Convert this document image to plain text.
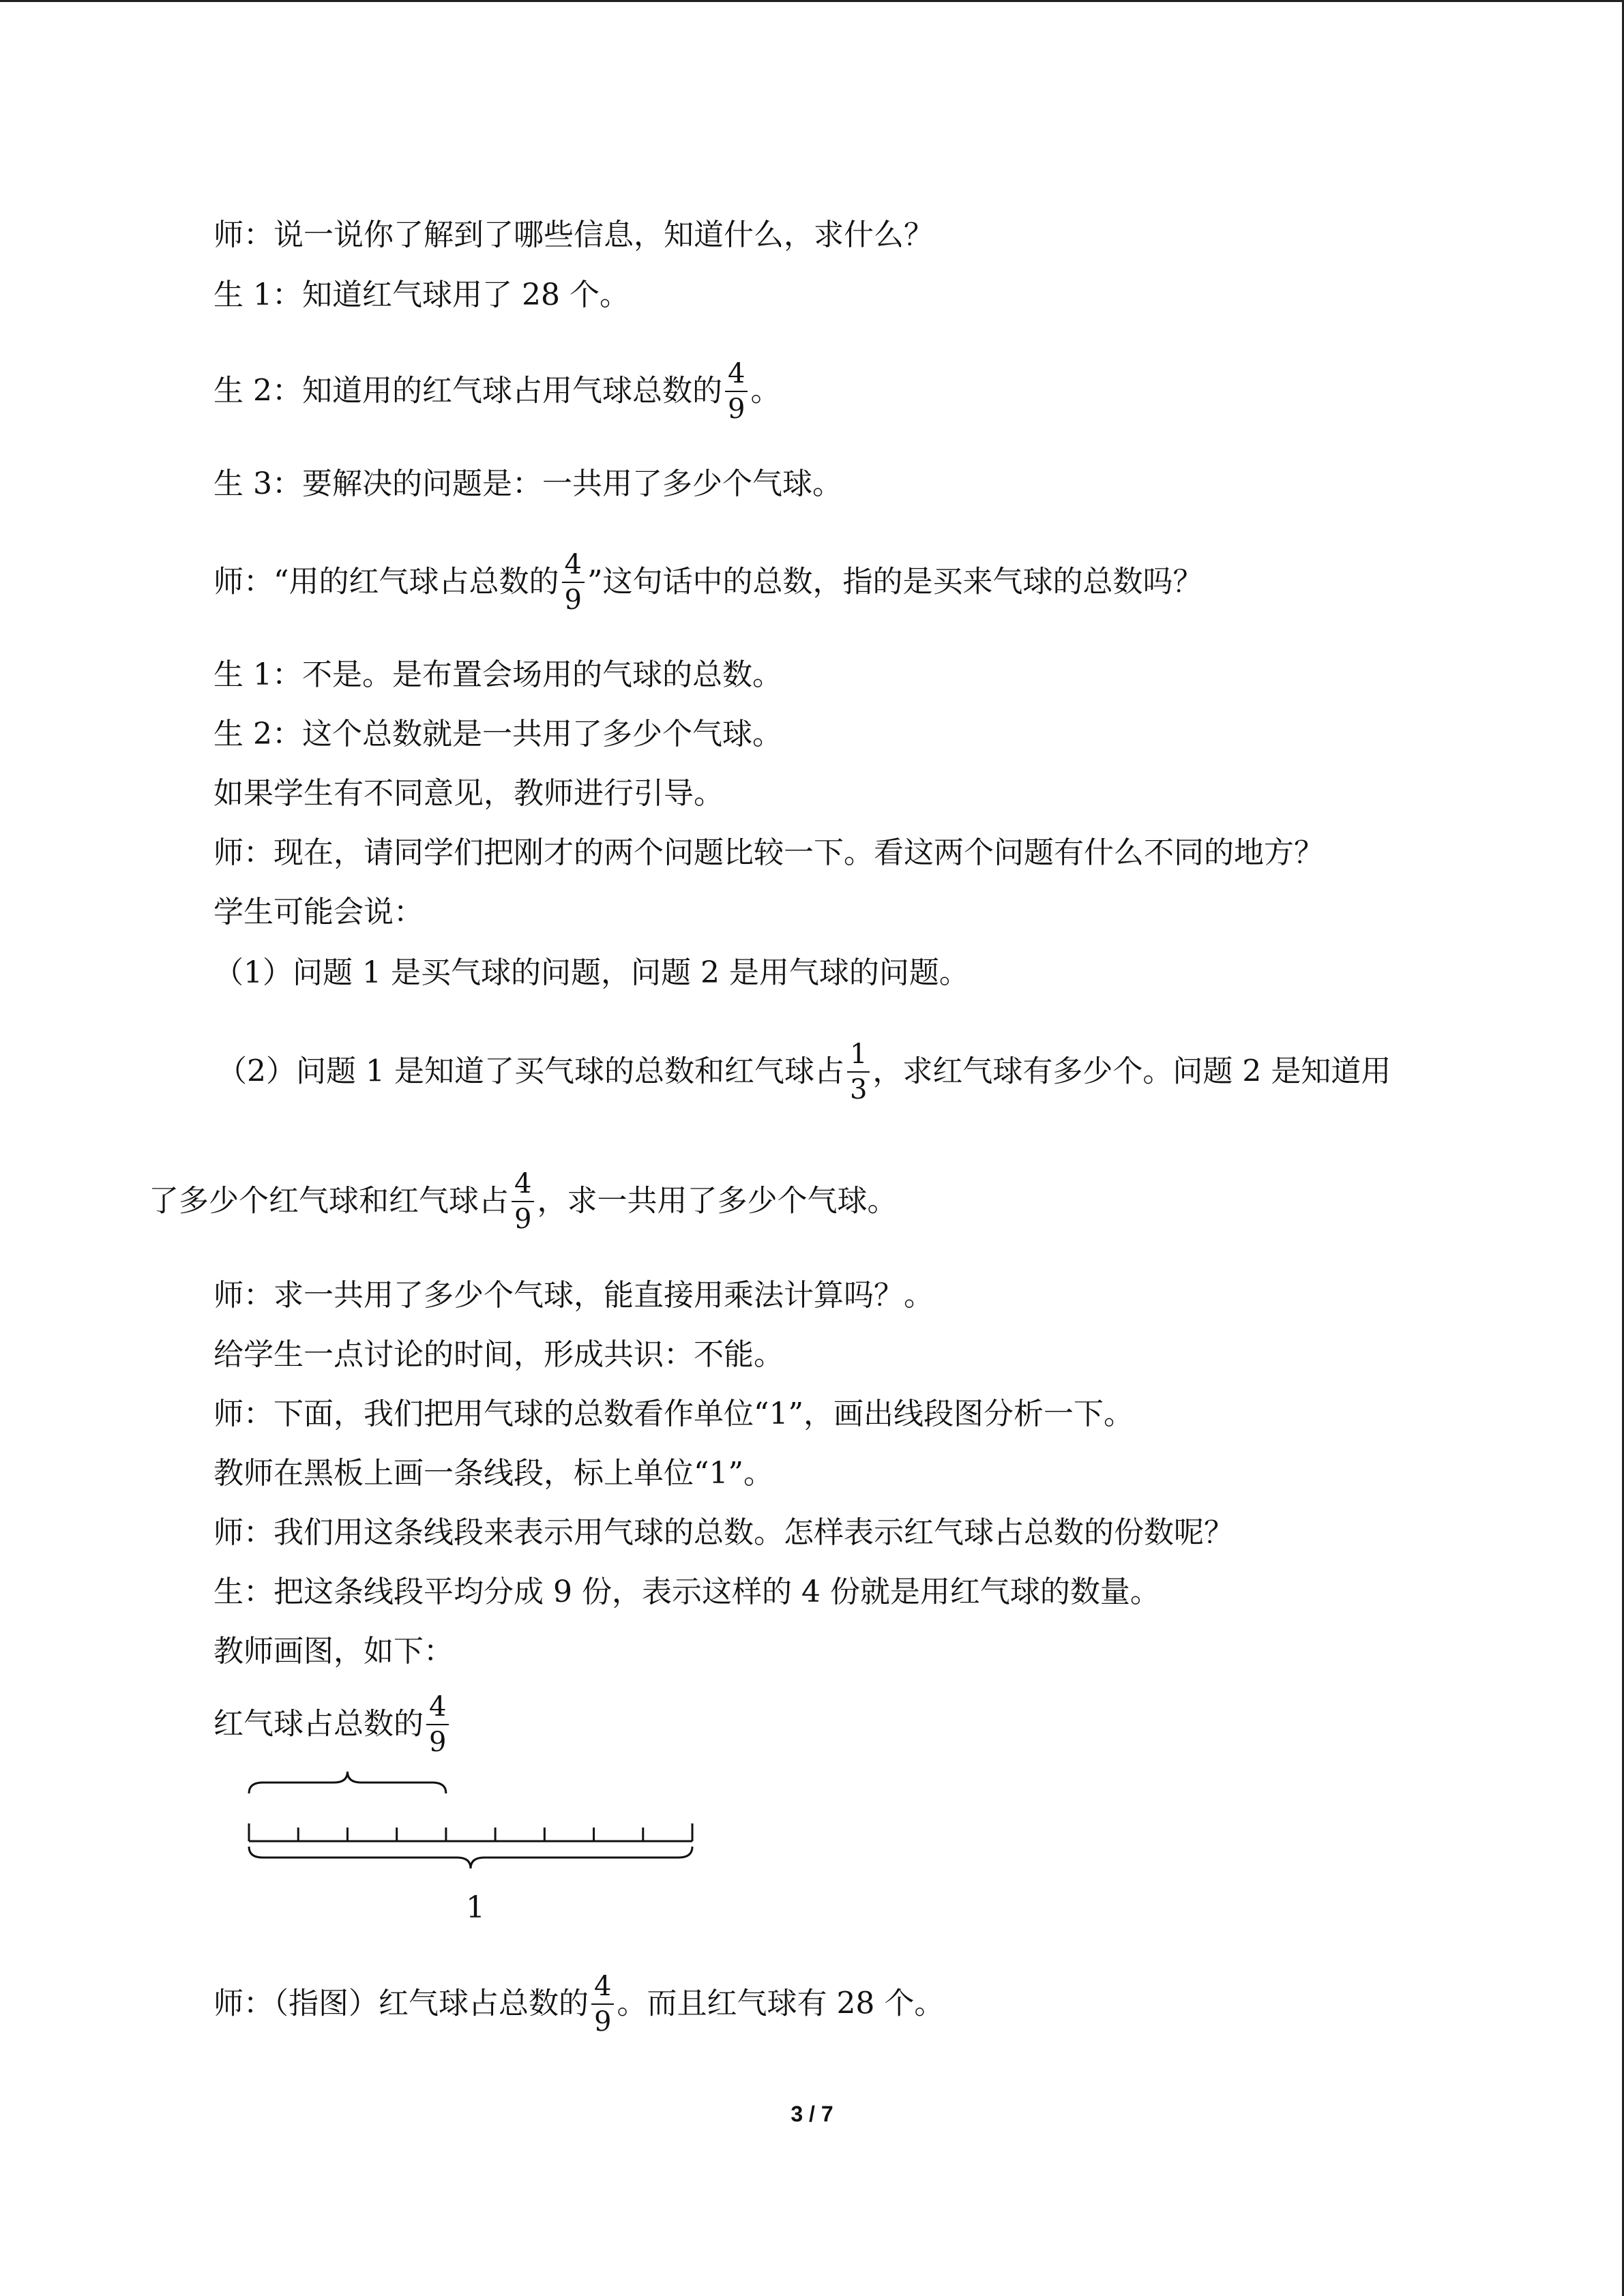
师：说一说你了解到了哪些信息，知道什么，求什么？
生 1：知道红气球用了 28 个。
生 2：知道用的红气球占用气球总数的 $\frac{4}{9}$ 。
生 3：要解决的问题是：一共用了多少个气球。
师：“用的红气球占总数的 $\frac{4}{9}$ ”这句话中的总数，指的是买来气球的总数吗？
生 1：不是。是布置会场用的气球的总数。
生 2：这个总数就是一共用了多少个气球。
如果学生有不同意见，教师进行引导。
师：现在，请同学们把刚才的两个问题比较一下。看这两个问题有什么不同的地方？
学生可能会说：
（1）问题 1 是买气球的问题，问题 2 是用气球的问题。
（2）问题 1 是知道了买气球的总数和红气球占 $\frac{1}{3}$ ，求红气球有多少个。问题 2 是知道用
了多少个红气球和红气球占 $\frac{4}{9}$ ，求一共用了多少个气球。
师：求一共用了多少个气球，能直接用乘法计算吗？。
给学生一点讨论的时间，形成共识：不能。
师：下面，我们把用气球的总数看作单位“1”，画出线段图分析一下。
教师在黑板上画一条线段，标上单位“1”。
师：我们用这条线段来表示用气球的总数。怎样表示红气球占总数的份数呢？
生：把这条线段平均分成 9 份，表示这样的 4 份就是用红气球的数量。
教师画图，如下：
红气球占总数的 $\frac{4}{9}$
1
师：（指图）红气球占总数的 $\frac{4}{9}$ 。而且红气球有 28 个。
3 / 7
